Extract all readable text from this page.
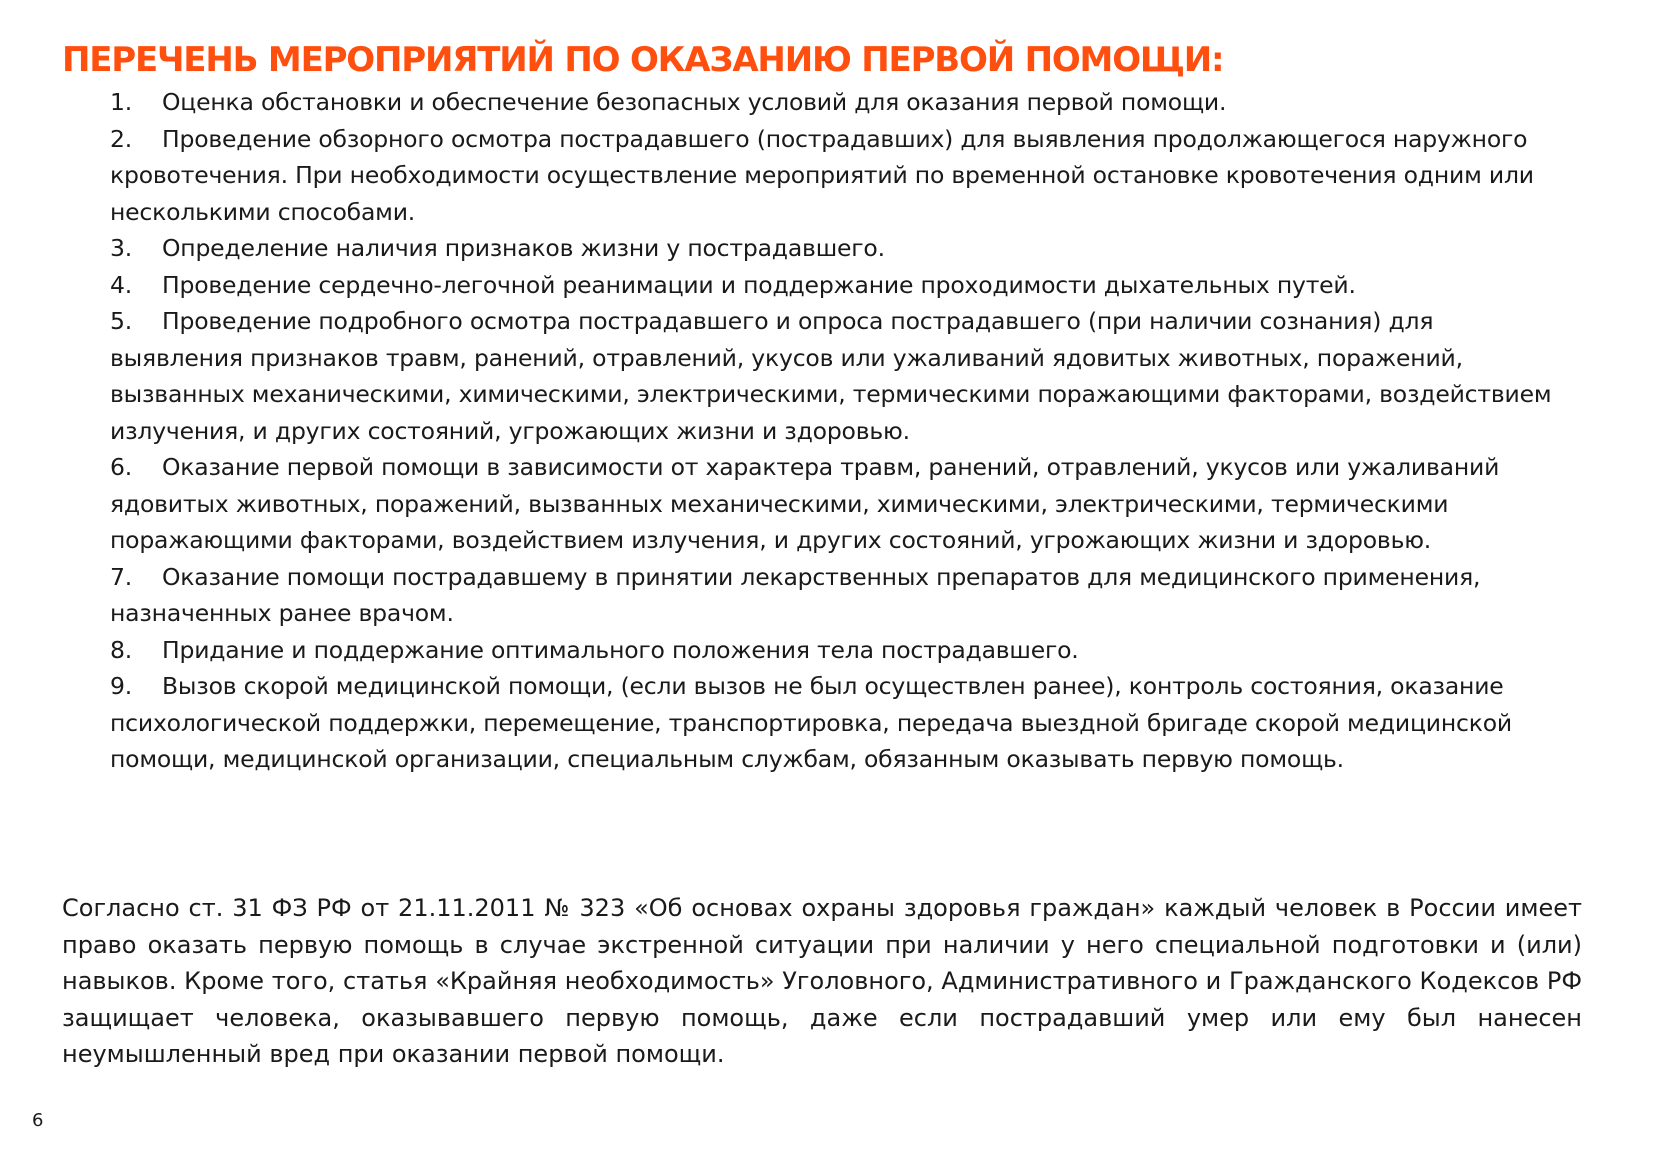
ПЕРЕЧЕНЬ МЕРОПРИЯТИЙ ПО ОКАЗАНИЮ ПЕРВОЙ ПОМОЩИ:
1. Оценка обстановки и обеспечение безопасных условий для оказания первой помощи.
2. Проведение обзорного осмотра пострадавшего (пострадавших) для выявления продолжающегося наружного кровотечения. При необходимости осуществление мероприятий по временной остановке кровотечения одним или несколькими способами.
3. Определение наличия признаков жизни у пострадавшего.
4. Проведение сердечно-легочной реанимации и поддержание проходимости дыхательных путей.
5. Проведение подробного осмотра пострадавшего и опроса пострадавшего (при наличии сознания) для выявления признаков травм, ранений, отравлений, укусов или ужаливаний ядовитых животных, поражений, вызванных механическими, химическими, электрическими, термическими поражающими факторами, воздействием излучения, и других состояний, угрожающих жизни и здоровью.
6. Оказание первой помощи в зависимости от характера травм, ранений, отравлений, укусов или ужаливаний ядовитых животных, поражений, вызванных механическими, химическими, электрическими, термическими поражающими факторами, воздействием излучения, и других состояний, угрожающих жизни и здоровью.
7. Оказание помощи пострадавшему в принятии лекарственных препаратов для медицинского применения, назначенных ранее врачом.
8. Придание и поддержание оптимального положения тела пострадавшего.
9. Вызов скорой медицинской помощи, (если вызов не был осуществлен ранее), контроль состояния, оказание психологической поддержки, перемещение, транспортировка, передача выездной бригаде скорой медицинской помощи, медицинской организации, специальным службам, обязанным оказывать первую помощь.

Согласно ст. 31 ФЗ РФ от 21.11.2011 № 323 «Об основах охраны здоровья граждан» каждый человек в России имеет право оказать первую помощь в случае экстренной ситуации при наличии у него специальной подготовки и (или) навыков. Кроме того, статья «Крайняя необходимость» Уголовного, Административного и Гражданского Кодексов РФ защищает человека, оказывавшего первую помощь, даже если пострадавший умер или ему был нанесен неумышленный вред при оказании первой помощи.

6
